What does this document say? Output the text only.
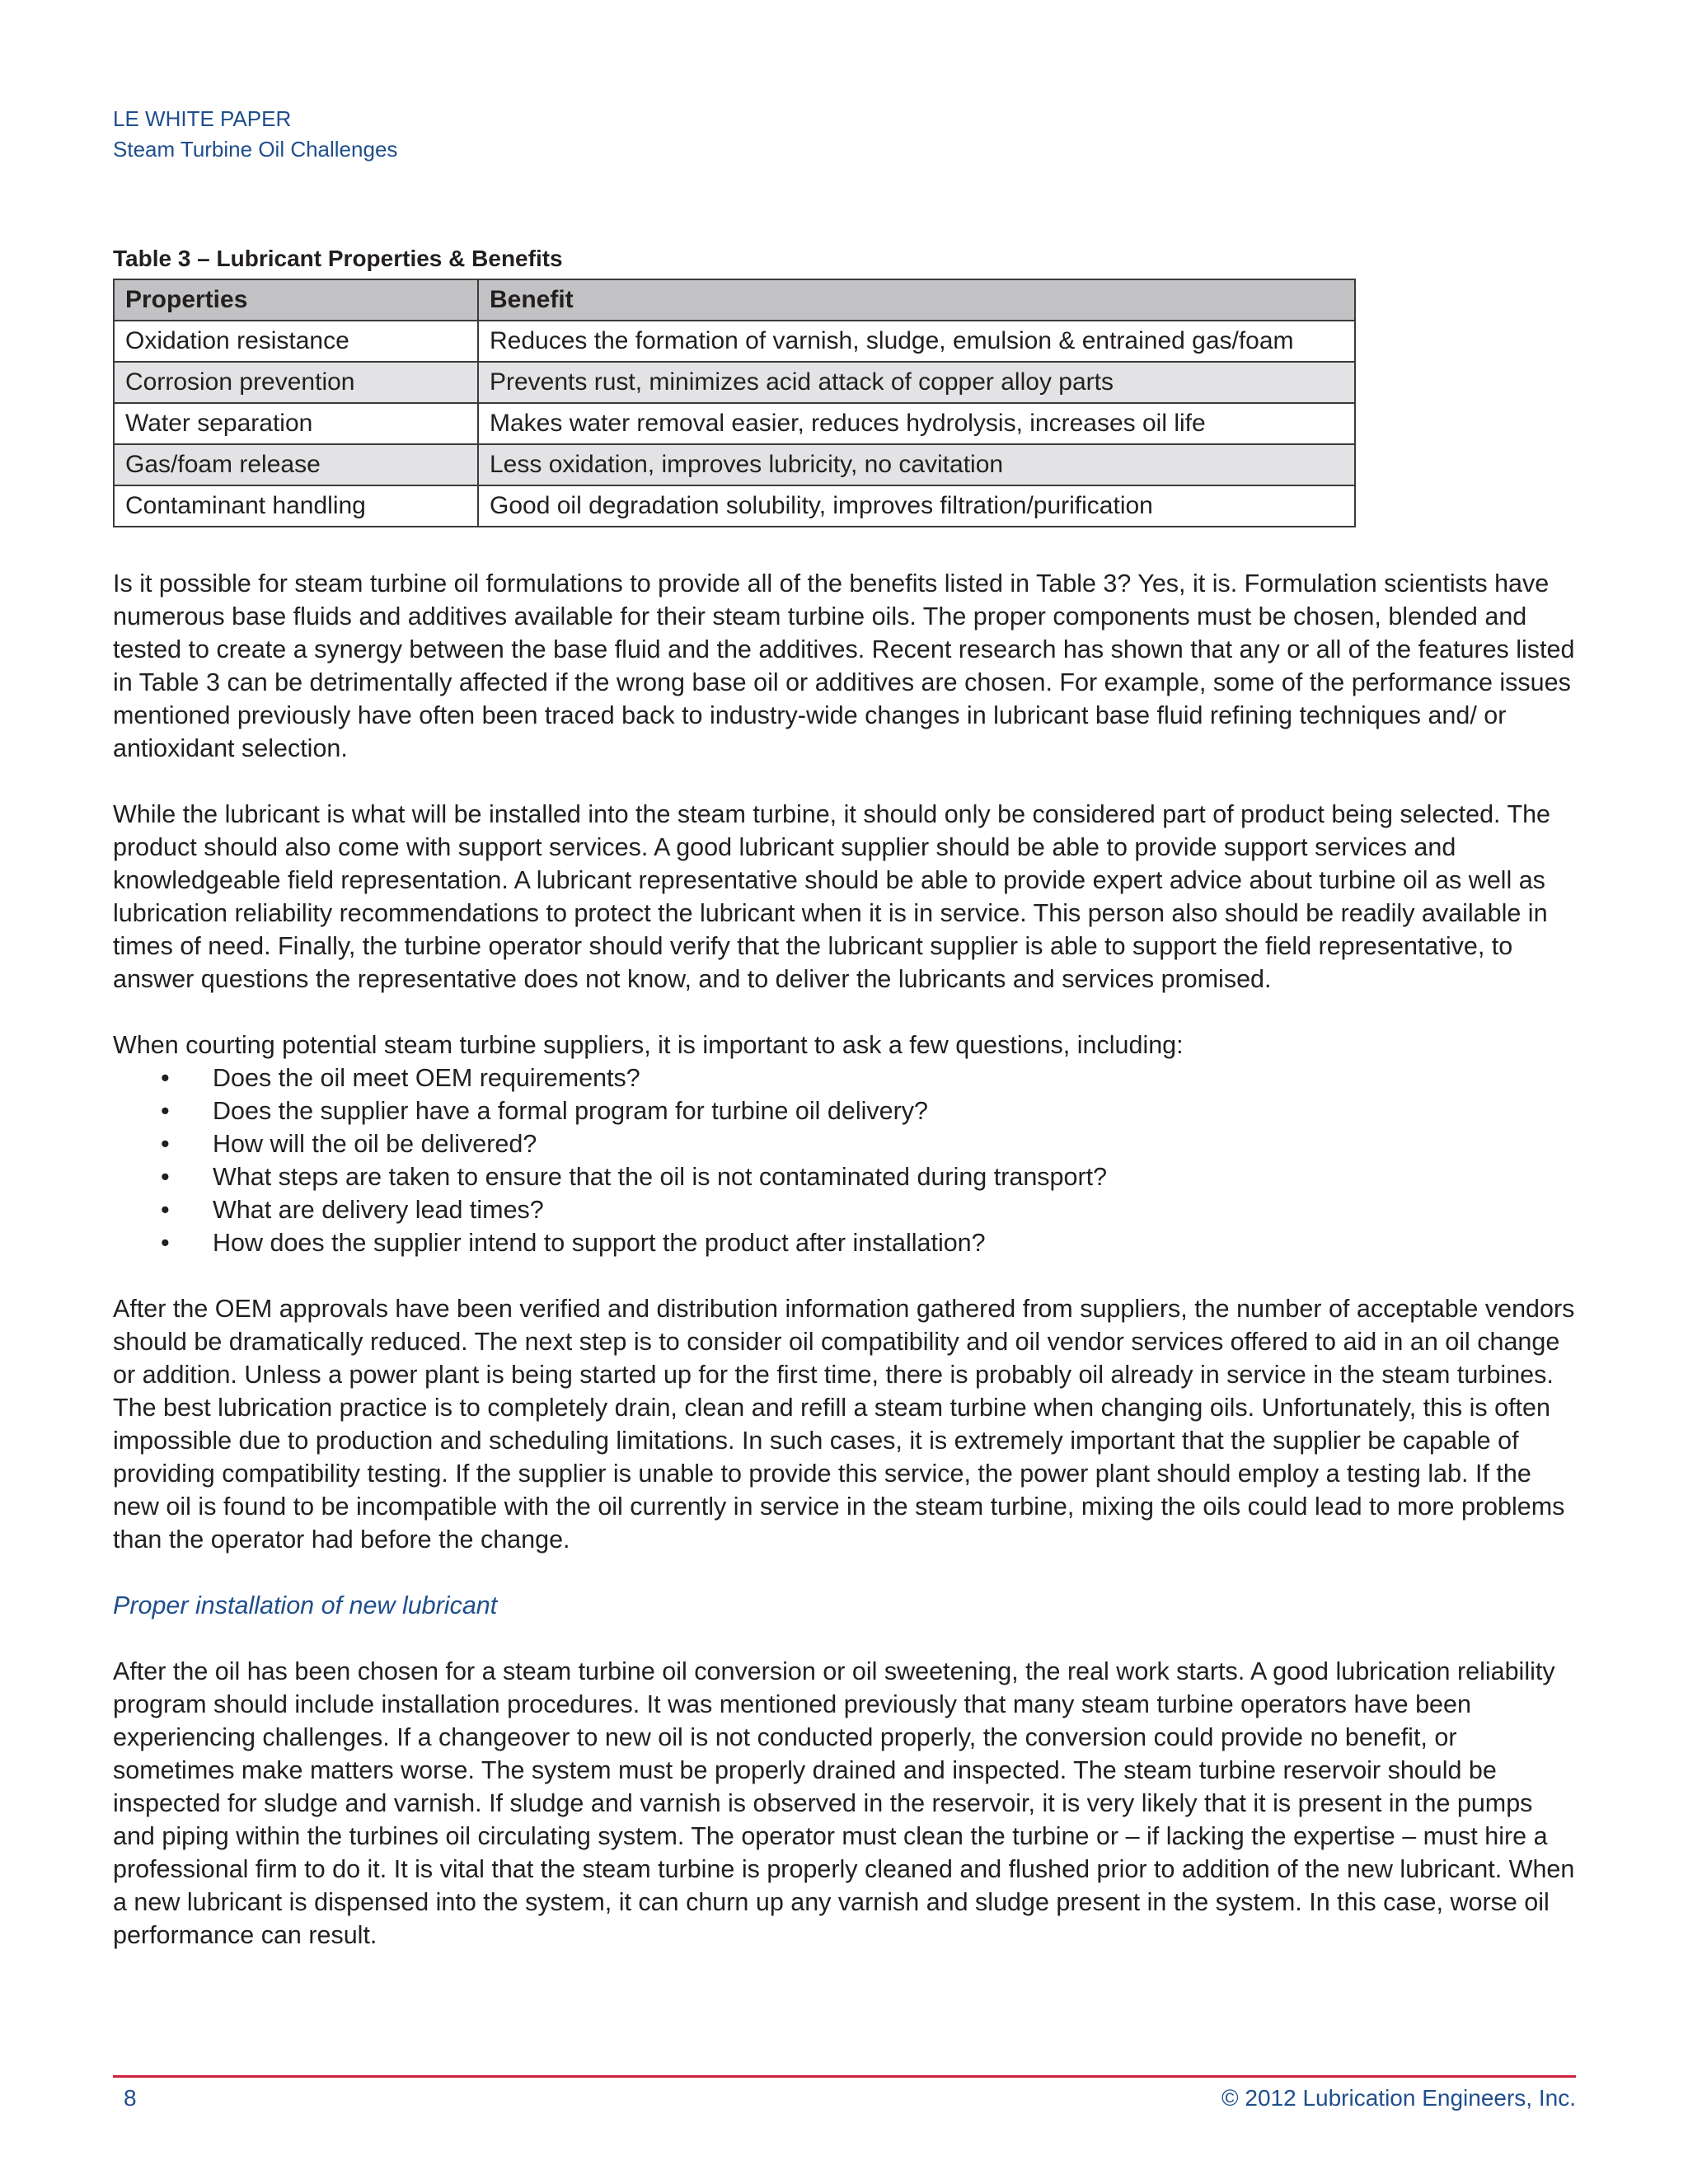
LE WHITE PAPER
Steam Turbine Oil Challenges
Table 3 – Lubricant Properties & Benefits
Properties	Benefit
Oxidation resistance	Reduces the formation of varnish, sludge, emulsion & entrained gas/foam
Corrosion prevention	Prevents rust, minimizes acid attack of copper alloy parts
Water separation	Makes water removal easier, reduces hydrolysis, increases oil life
Gas/foam release	Less oxidation, improves lubricity, no cavitation
Contaminant handling	Good oil degradation solubility, improves filtration/purification

Is it possible for steam turbine oil formulations to provide all of the benefits listed in Table 3? Yes, it is. Formulation scientists have numerous base fluids and additives available for their steam turbine oils. The proper components must be chosen, blended and tested to create a synergy between the base fluid and the additives. Recent research has shown that any or all of the features listed in Table 3 can be detrimentally affected if the wrong base oil or additives are chosen. For example, some of the performance issues mentioned previously have often been traced back to industry-wide changes in lubricant base fluid refining techniques and/ or antioxidant selection.

While the lubricant is what will be installed into the steam turbine, it should only be considered part of product being selected. The product should also come with support services. A good lubricant supplier should be able to provide support services and knowledgeable field representation. A lubricant representative should be able to provide expert advice about turbine oil as well as lubrication reliability recommendations to protect the lubricant when it is in service. This person also should be readily available in times of need. Finally, the turbine operator should verify that the lubricant supplier is able to support the field representative, to answer questions the representative does not know, and to deliver the lubricants and services promised.

When courting potential steam turbine suppliers, it is important to ask a few questions, including:

• Does the oil meet OEM requirements?
• Does the supplier have a formal program for turbine oil delivery?
• How will the oil be delivered?
• What steps are taken to ensure that the oil is not contaminated during transport?
• What are delivery lead times?
• How does the supplier intend to support the product after installation?

After the OEM approvals have been verified and distribution information gathered from suppliers, the number of acceptable vendors should be dramatically reduced. The next step is to consider oil compatibility and oil vendor services offered to aid in an oil change or addition. Unless a power plant is being started up for the first time, there is probably oil already in service in the steam turbines. The best lubrication practice is to completely drain, clean and refill a steam turbine when changing oils. Unfortunately, this is often impossible due to production and scheduling limitations. In such cases, it is extremely important that the supplier be capable of providing compatibility testing. If the supplier is unable to provide this service, the power plant should employ a testing lab. If the new oil is found to be incompatible with the oil currently in service in the steam turbine, mixing the oils could lead to more problems than the operator had before the change.

Proper installation of new lubricant

After the oil has been chosen for a steam turbine oil conversion or oil sweetening, the real work starts. A good lubrication reliability program should include installation procedures. It was mentioned previously that many steam turbine operators have been experiencing challenges. If a changeover to new oil is not conducted properly, the conversion could provide no benefit, or sometimes make matters worse. The system must be properly drained and inspected. The steam turbine reservoir should be inspected for sludge and varnish. If sludge and varnish is observed in the reservoir, it is very likely that it is present in the pumps and piping within the turbines oil circulating system. The operator must clean the turbine or – if lacking the expertise – must hire a professional firm to do it. It is vital that the steam turbine is properly cleaned and flushed prior to addition of the new lubricant. When a new lubricant is dispensed into the system, it can churn up any varnish and sludge present in the system. In this case, worse oil performance can result.

8	© 2012 Lubrication Engineers, Inc.
